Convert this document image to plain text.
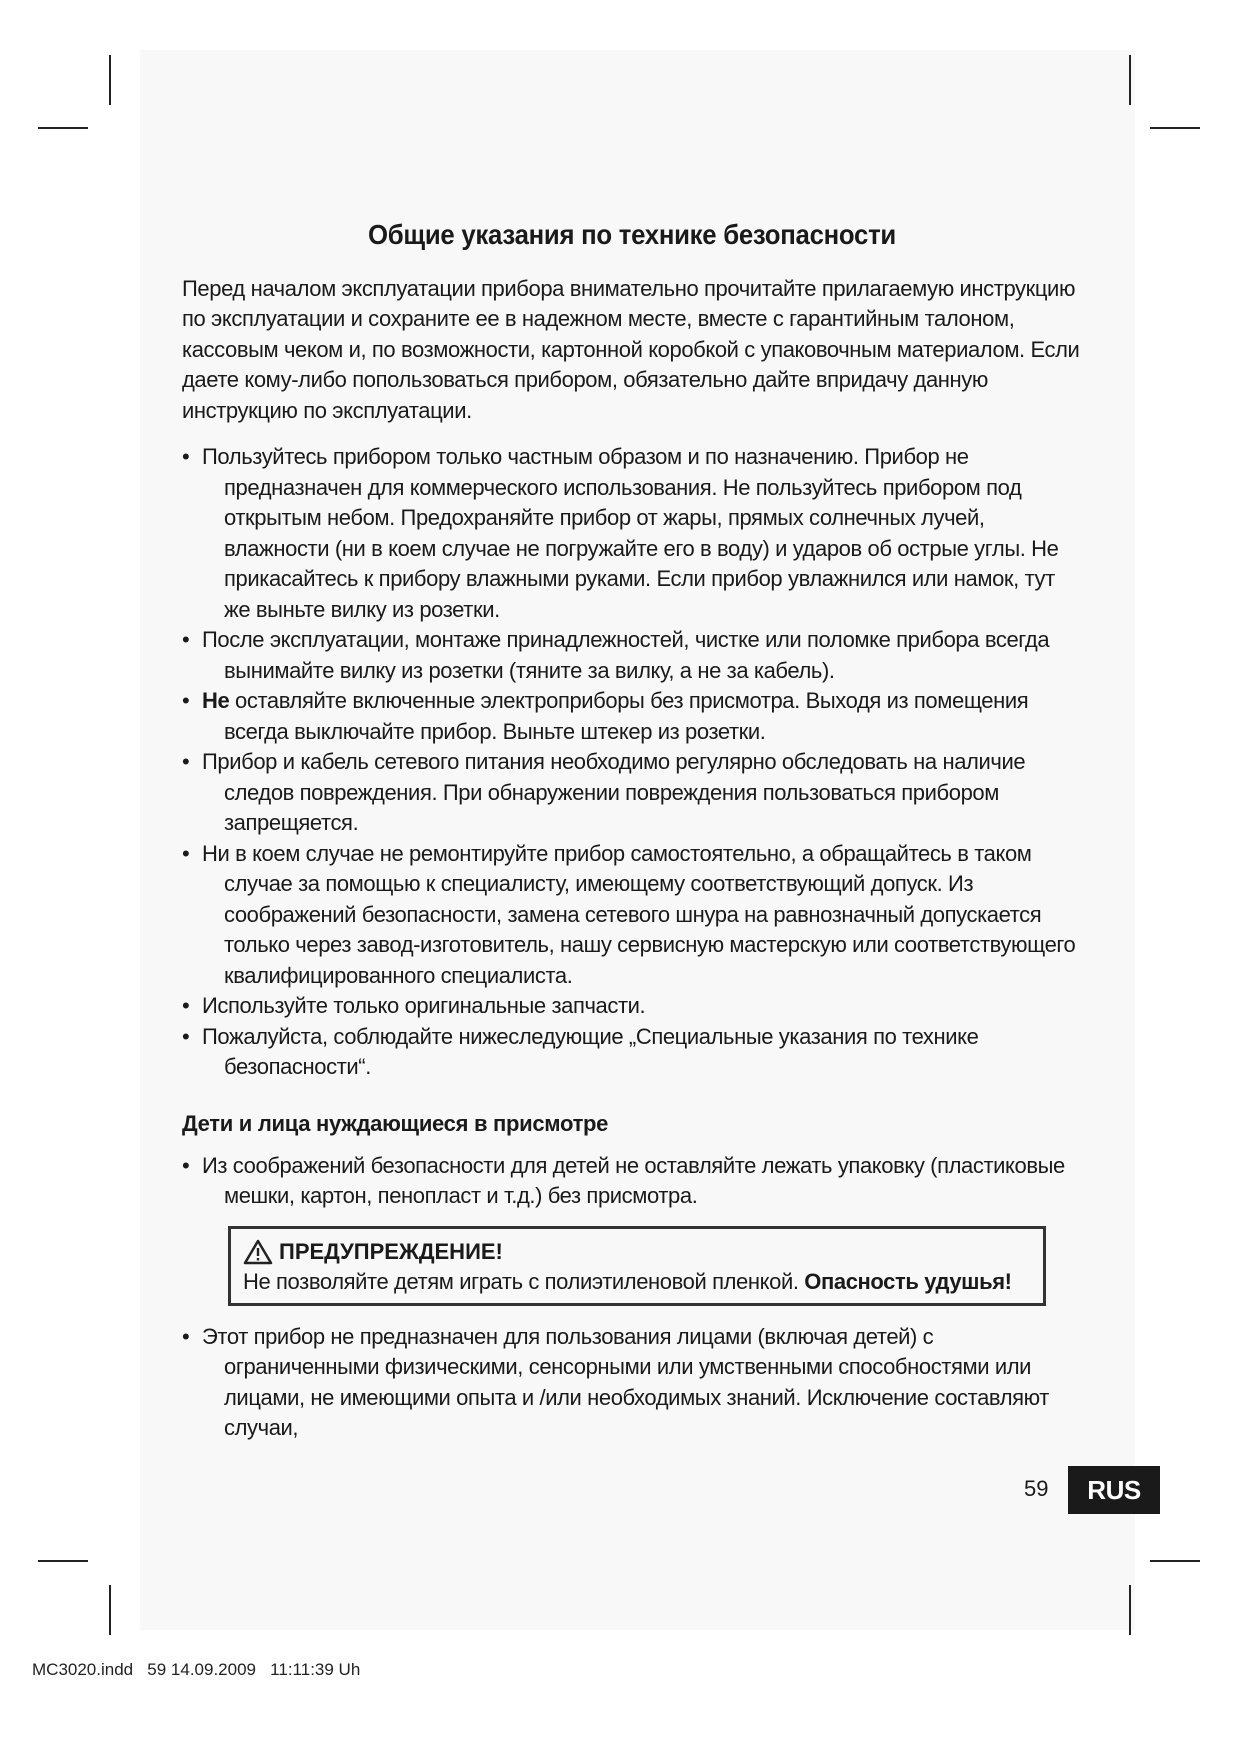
Общие указания по технике безопасности

Перед началом эксплуатации прибора внимательно прочитайте прилагаемую инструкцию по эксплуатации и сохраните ее в надежном месте, вместе с гарантийным талоном, кассовым чеком и, по возможности, картонной коробкой с упаковочным материалом. Если даете кому-либо попользоваться прибором, обязательно дайте впридачу данную инструкцию по эксплуатации.

• Пользуйтесь прибором только частным образом и по назначению. Прибор не предназначен для коммерческого использования. Не пользуйтесь прибором под открытым небом. Предохраняйте прибор от жары, прямых солнечных лучей, влажности (ни в коем случае не погружайте его в воду) и ударов об острые углы. Не прикасайтесь к прибору влажными руками. Если прибор увлажнился или намок, тут же выньте вилку из розетки.
• После эксплуатации, монтаже принадлежностей, чистке или поломке прибора всегда вынимайте вилку из розетки (тяните за вилку, а не за кабель).
• Не оставляйте включенные электроприборы без присмотра. Выходя из помещения всегда выключайте прибор. Выньте штекер из розетки.
• Прибор и кабель сетевого питания необходимо регулярно обследовать на наличие следов повреждения. При обнаружении повреждения пользоваться прибором запрещяется.
• Ни в коем случае не ремонтируйте прибор самостоятельно, а обращайтесь в таком случае за помощью к специалисту, имеющему соответствующий допуск. Из соображений безопасности, замена сетевого шнура на равнозначный допускается только через завод-изготовитель, нашу сервисную мастерскую или соответствующего квалифицированного специалиста.
• Используйте только оригинальные запчасти.
• Пожалуйста, соблюдайте нижеследующие „Специальные указания по технике безопасности“.
Дети и лица нуждающиеся в присмотре
• Из соображений безопасности для детей не оставляйте лежать упаковку (пластиковые мешки, картон, пенопласт и т.д.) без присмотра.
ПРЕДУПРЕЖДЕНИЕ!
Не позволяйте детям играть с полиэтиленовой пленкой. Опасность удушья!
• Этот прибор не предназначен для пользования лицами (включая детей) с ограниченными физическими, сенсорными или умственными способностями или лицами, не имеющими опыта и /или необходимых знаний. Исключение составляют случаи,
59	RUS
MC3020.indd   59 14.09.2009   11:11:39 Uh
